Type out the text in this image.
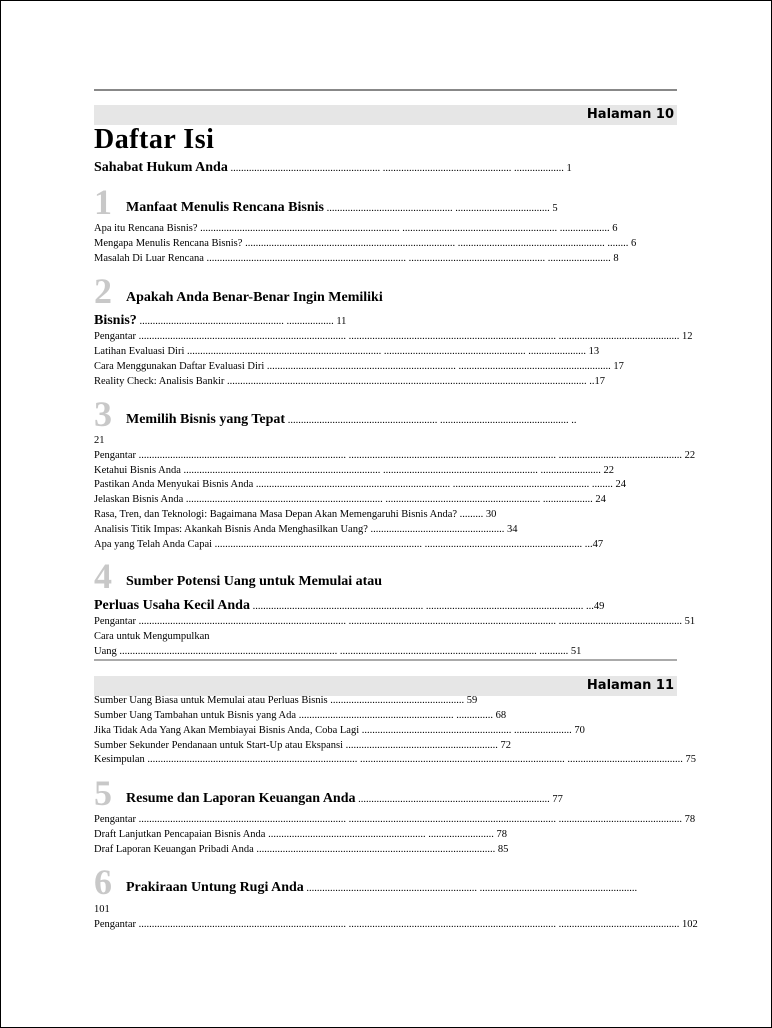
Halaman 10
Daftar Isi
Sahabat Hukum Anda ......................................................... ................................................. ................... 1
1 Manfaat Menulis Rencana Bisnis ................................................ .................................... 5
Apa itu Rencana Bisnis? ............................................................................ ........................................................... ................... 6
Mengapa Menulis Rencana Bisnis? ................................................................................ ........................................................ ........ 6
Masalah Di Luar Rencana ............................................................................ .................................................... ........................ 8
2 Apakah Anda Benar-Benar Ingin Memiliki
Bisnis? ....................................................... .................. 11
Pengantar ............................................................................... ............................................................................... .............................................. 12
Latihan Evaluasi Diri .......................................................................... ...................................................... ...................... 13
Cara Menggunakan Daftar Evaluasi Diri ........................................................................ .......................................................... 17
Reality Check: Analisis Bankir ......................................................................................................................................... ..17
3 Memilih Bisnis yang Tepat ......................................................... ................................................. ..
21
Pengantar ............................................................................... ............................................................................... ............................................... 22
Ketahui Bisnis Anda ........................................................................... ........................................................... ....................... 22
Pastikan Anda Menyukai Bisnis Anda .......................................................................... .................................................... ........ 24
Jelaskan Bisnis Anda ........................................................................... ........................................................... ................... 24
Rasa, Tren, dan Teknologi: Bagaimana Masa Depan Akan Memengaruhi Bisnis Anda? ......... 30
Analisis Titik Impas: Akankah Bisnis Anda Menghasilkan Uang? ................................................... 34
Apa yang Telah Anda Capai ............................................................................... ............................................................ ...47
4 Sumber Potensi Uang untuk Memulai atau
Perluas Usaha Kecil Anda ................................................................. ............................................................ ...49
Pengantar ............................................................................... ............................................................................... ............................................... 51
Cara untuk Mengumpulkan
Uang ................................................................................... ........................................................................... ........... 51
Halaman 11
Sumber Uang Biasa untuk Memulai atau Perluas Bisnis ................................................... 59
Sumber Uang Tambahan untuk Bisnis yang Ada ........................................................... .............. 68
Jika Tidak Ada Yang Akan Membiayai Bisnis Anda, Coba Lagi ......................................................... ...................... 70
Sumber Sekunder Pendanaan untuk Start-Up atau Ekspansi .......................................................... 72
Kesimpulan ................................................................................ .............................................................................. ............................................ 75
5 Resume dan Laporan Keuangan Anda ......................................................................... 77
Pengantar ............................................................................... ............................................................................... ............................................... 78
Draft Lanjutkan Pencapaian Bisnis Anda ............................................................ ......................... 78
Draf Laporan Keuangan Pribadi Anda ........................................................................................... 85
6 Prakiraan Untung Rugi Anda ................................................................. ............................................................
101
Pengantar ............................................................................... ............................................................................... .............................................. 102
